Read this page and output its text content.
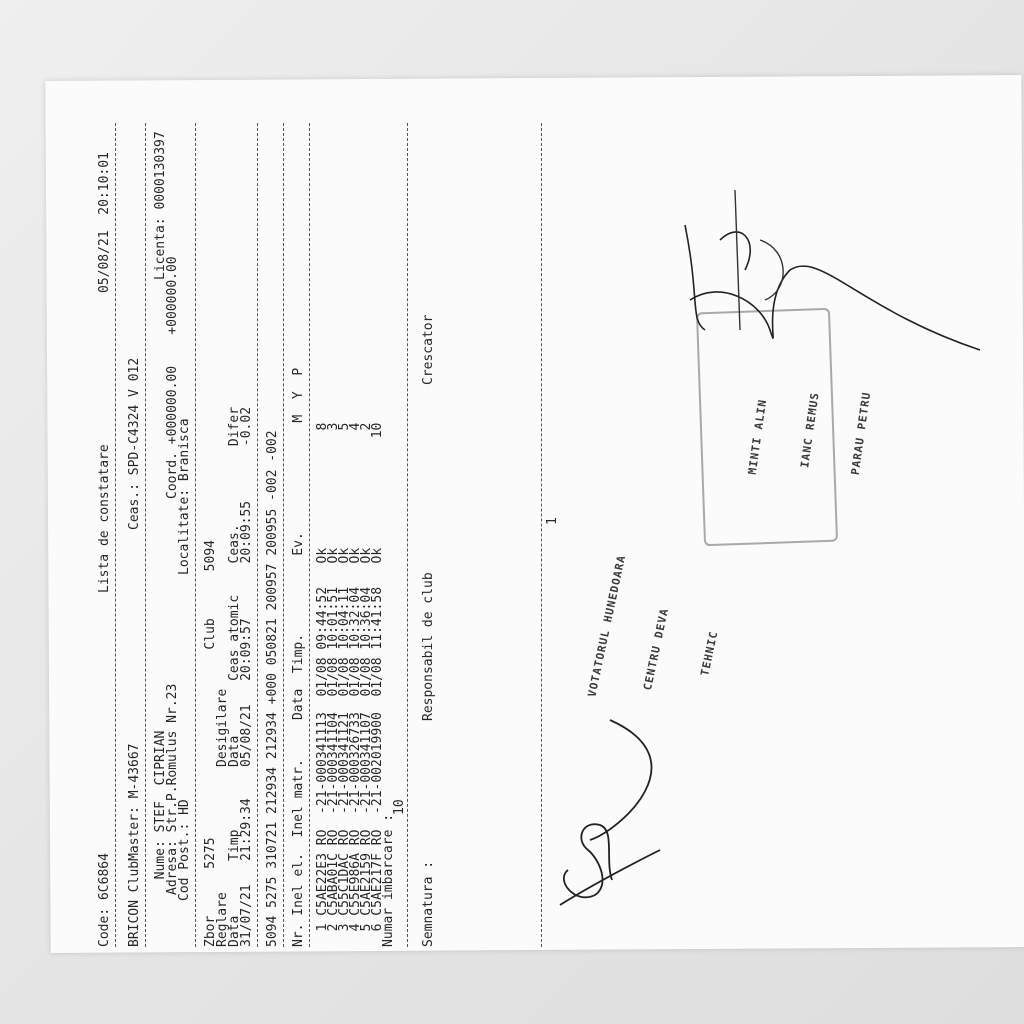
Code: 6C6864
Lista de constatare
05/08/21  20:10:01
BRICON ClubMaster: M-43667
Ceas.: SPD-C4324 V 012
Nume: STEF  CIPRIAN
Licenta: 0000130397
Adresa: Str.P.Romulus Nr.23
Coord. +000000.00    +000000.00
Cod Post.: HD
Localitate: Branisca
Zbor      5275                        Club      5094
Reglare                Desigilare
Data       Timp        Data       Ceas atomic    Ceas.          Difer
31/07/21   21:29:34    05/08/21   20:09:57       20:09:55       -0.02 5094 5275 310721 212934 212934 +000 050821 200957 200955 -002 -002 Nr. Inel el.  Inel matr.     Data  Timp.          Ev.              M  Y  P 1 C5AE22E3 RO  -21-000341113  01/08 09:44:52   Ok               8
2 C5ABA01C RO  -21-000341104  01/08 10:01:51   Ok               3
3 C55C1DAC RO  -21-000341121  01/08 10:04:11   Ok               5
4 C55E986A RO  -21-000326733  01/08 10:32:04   Ok               4
5 C5AE2159 RO  -21-000341107  01/08 10:36:04   Ok               2
6 C5AE217F RO  -21-002019900  01/08 11:41:58   Ok              10
Numar imbarcare :
10
Semnatura :
Responsabil de club
Crescator
1

VOTATORUL HUNEDOARA

CENTRU DEVA

	TEHNIC

MINTI ALIN

	IANC REMUS

PARAU PETRU
